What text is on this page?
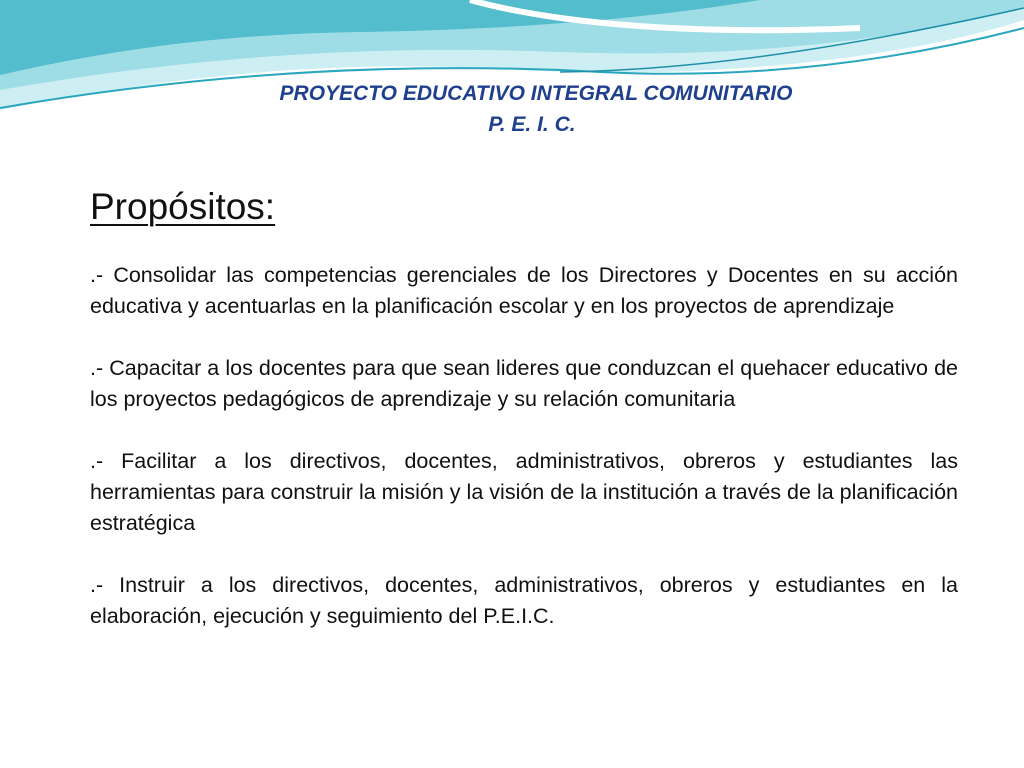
PROYECTO EDUCATIVO INTEGRAL COMUNITARIO
P. E. I. C.
Propósitos:

.- Consolidar las competencias gerenciales de los Directores y Docentes en su acción educativa y acentuarlas en la planificación escolar y en los proyectos de aprendizaje

.- Capacitar a los docentes para que sean lideres que conduzcan el quehacer educativo de los proyectos pedagógicos de aprendizaje y su relación comunitaria

.- Facilitar a los directivos, docentes, administrativos, obreros y estudiantes las herramientas para construir la misión y la visión de la institución a través de la planificación estratégica

.- Instruir a los directivos, docentes, administrativos, obreros y estudiantes en la elaboración, ejecución y seguimiento del P.E.I.C.
